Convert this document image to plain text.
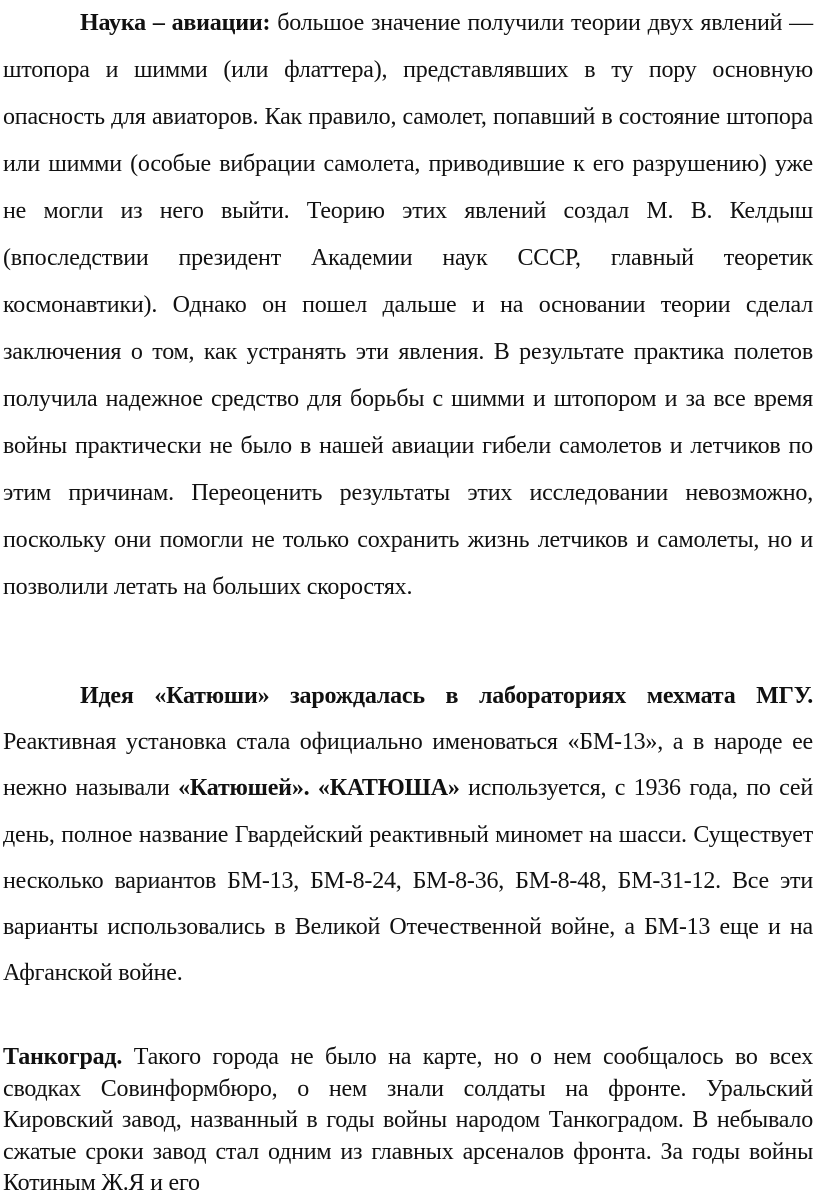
Наука – авиации: большое значение получили теории двух явлений — штопора и шимми (или флаттера), представлявших в ту пору основную опасность для авиаторов. Как правило, самолет, попавший в состояние штопора или шимми (особые вибрации самолета, приводившие к его разрушению) уже не могли из него выйти. Теорию этих явлений создал М. В. Келдыш (впоследствии президент Академии наук СССР, главный теоретик космонавтики). Однако он пошел дальше и на основании теории сделал заключения о том, как устранять эти явления. В результате практика полетов получила надежное средство для борьбы с шимми и штопором и за все время войны практически не было в нашей авиации гибели самолетов и летчиков по этим причинам. Переоценить результаты этих исследовании невозможно, поскольку они помогли не только сохранить жизнь летчиков и самолеты, но и позволили летать на больших скоростях.

Идея «Катюши» зарождалась в лабораториях мехмата МГУ. Реактивная установка стала официально именоваться «БМ-13», а в народе ее нежно называли «Катюшей». «КАТЮША» используется, с 1936 года, по сей день, полное название Гвардейский реактивный миномет на шасси. Существует несколько вариантов БМ-13, БМ-8-24, БМ-8-36, БМ-8-48, БМ-31-12. Все эти варианты использовались в Великой Отечественной войне, а БМ-13 еще и на Афганской войне.

Танкоград. Такого города не было на карте, но о нем сообщалось во всех сводках Совинформбюро, о нем знали солдаты на фронте. Уральский Кировский завод, названный в годы войны народом Танкоградом. В небывало сжатые сроки завод стал одним из главных арсеналов фронта. За годы войны Котиным Ж.Я и его
